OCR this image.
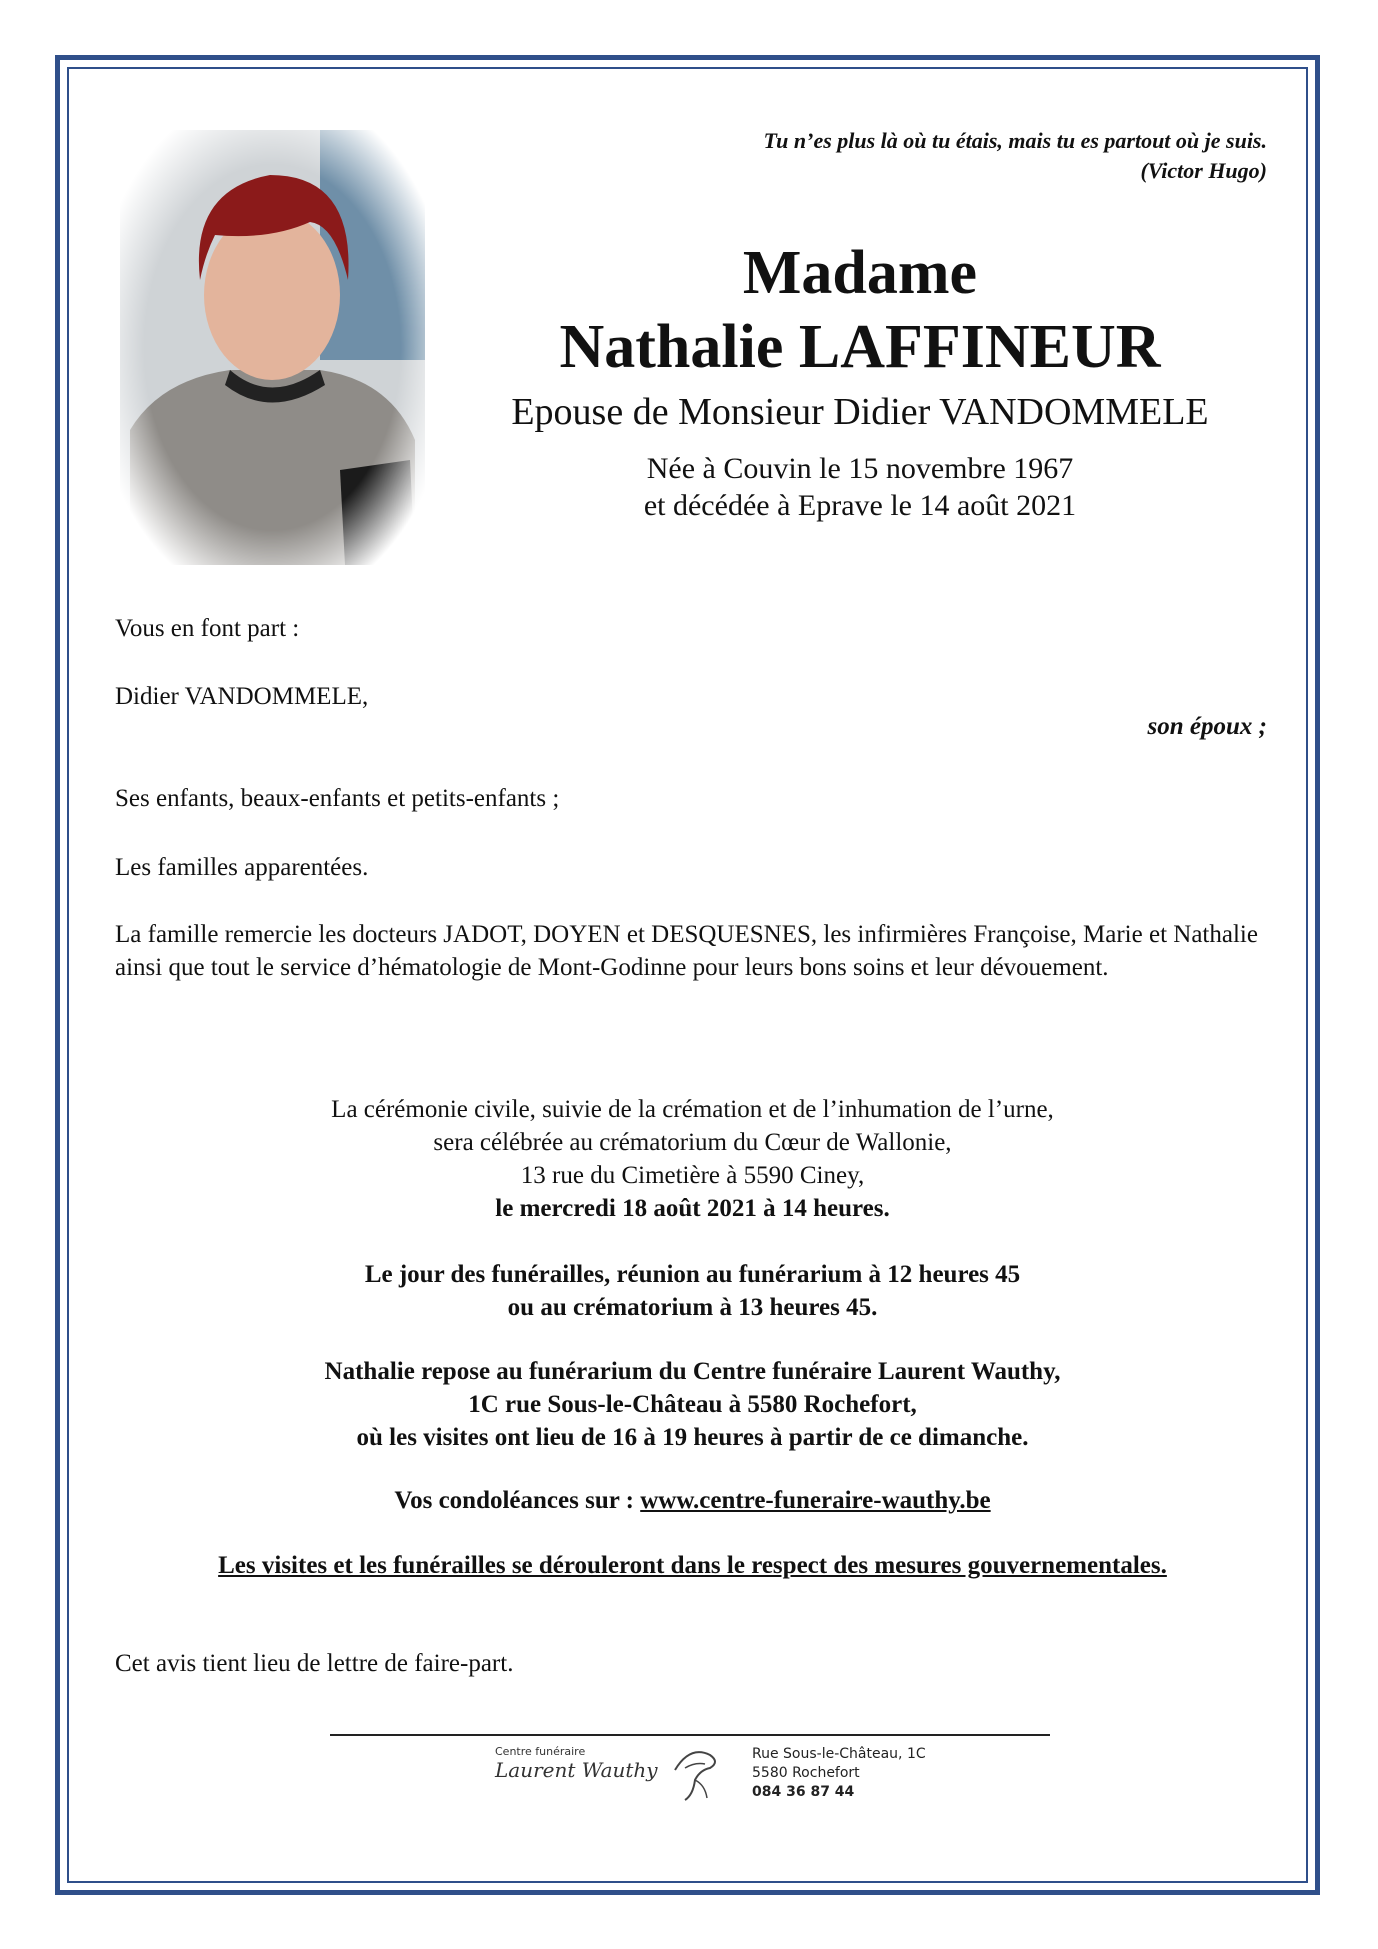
Tu n’es plus là où tu étais, mais tu es partout où je suis.
(Victor Hugo)
Madame
Nathalie LAFFINEUR
Epouse de Monsieur Didier VANDOMMELE
Née à Couvin le 15 novembre 1967
et décédée à Eprave le 14 août 2021
Vous en font part :
Didier VANDOMMELE,
son époux ;
Ses enfants, beaux-enfants et petits-enfants ;
Les familles apparentées.
La famille remercie les docteurs JADOT, DOYEN et DESQUESNES, les infirmières Françoise, Marie et Nathalie ainsi que tout le service d’hématologie de Mont-Godinne pour leurs bons soins et leur dévouement.
La cérémonie civile, suivie de la crémation et de l’inhumation de l’urne,
sera célébrée au crématorium du Cœur de Wallonie,
13 rue du Cimetière à 5590 Ciney,
le mercredi 18 août 2021 à 14 heures.
Le jour des funérailles, réunion au funérarium à 12 heures 45
ou au crématorium à 13 heures 45.
Nathalie repose au funérarium du Centre funéraire Laurent Wauthy,
1C rue Sous-le-Château à 5580 Rochefort,
où les visites ont lieu de 16 à 19 heures à partir de ce dimanche.
Vos condoléances sur : www.centre-funeraire-wauthy.be
Les visites et les funérailles se dérouleront dans le respect des mesures gouvernementales.
Cet avis tient lieu de lettre de faire-part.
Centre funéraire
Laurent Wauthy
Rue Sous-le-Château, 1C
5580 Rochefort
084 36 87 44
